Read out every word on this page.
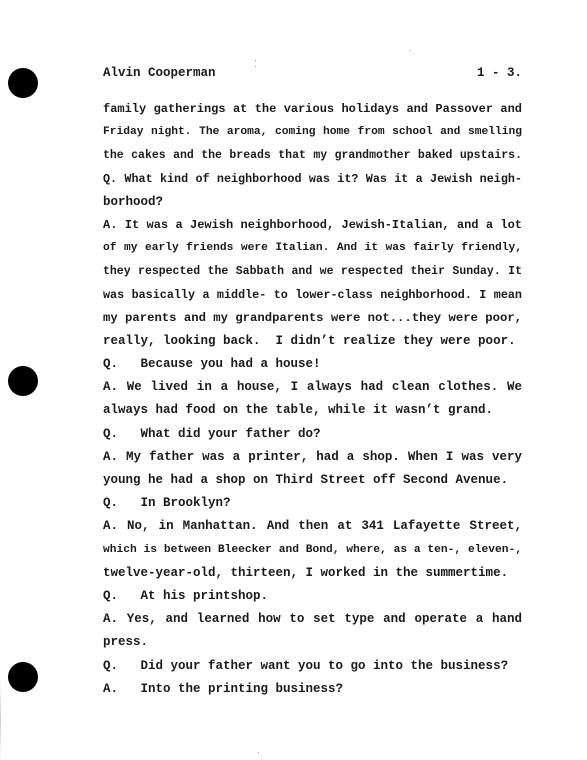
Alvin Cooperman	1 - 3.
family gatherings at the various holidays and Passover and
Friday night. The aroma, coming home from school and smelling
the cakes and the breads that my grandmother baked upstairs.
Q. What kind of neighborhood was it? Was it a Jewish neigh-
borhood?
A. It was a Jewish neighborhood, Jewish-Italian, and a lot
of my early friends were Italian. And it was fairly friendly,
they respected the Sabbath and we respected their Sunday. It
was basically a middle- to lower-class neighborhood. I mean
my parents and my grandparents were not...they were poor,
really, looking back.  I didn’t realize they were poor.
Q.   Because you had a house!
A. We lived in a house, I always had clean clothes. We
always had food on the table, while it wasn’t grand.
Q.   What did your father do?
A. My father was a printer, had a shop. When I was very
young he had a shop on Third Street off Second Avenue.
Q.   In Brooklyn?
A. No, in Manhattan. And then at 341 Lafayette Street,
which is between Bleecker and Bond, where, as a ten-, eleven-,
twelve-year-old, thirteen, I worked in the summertime.
Q.   At his printshop.
A. Yes, and learned how to set type and operate a hand
press.
Q.   Did your father want you to go into the business?
A.   Into the printing business?
